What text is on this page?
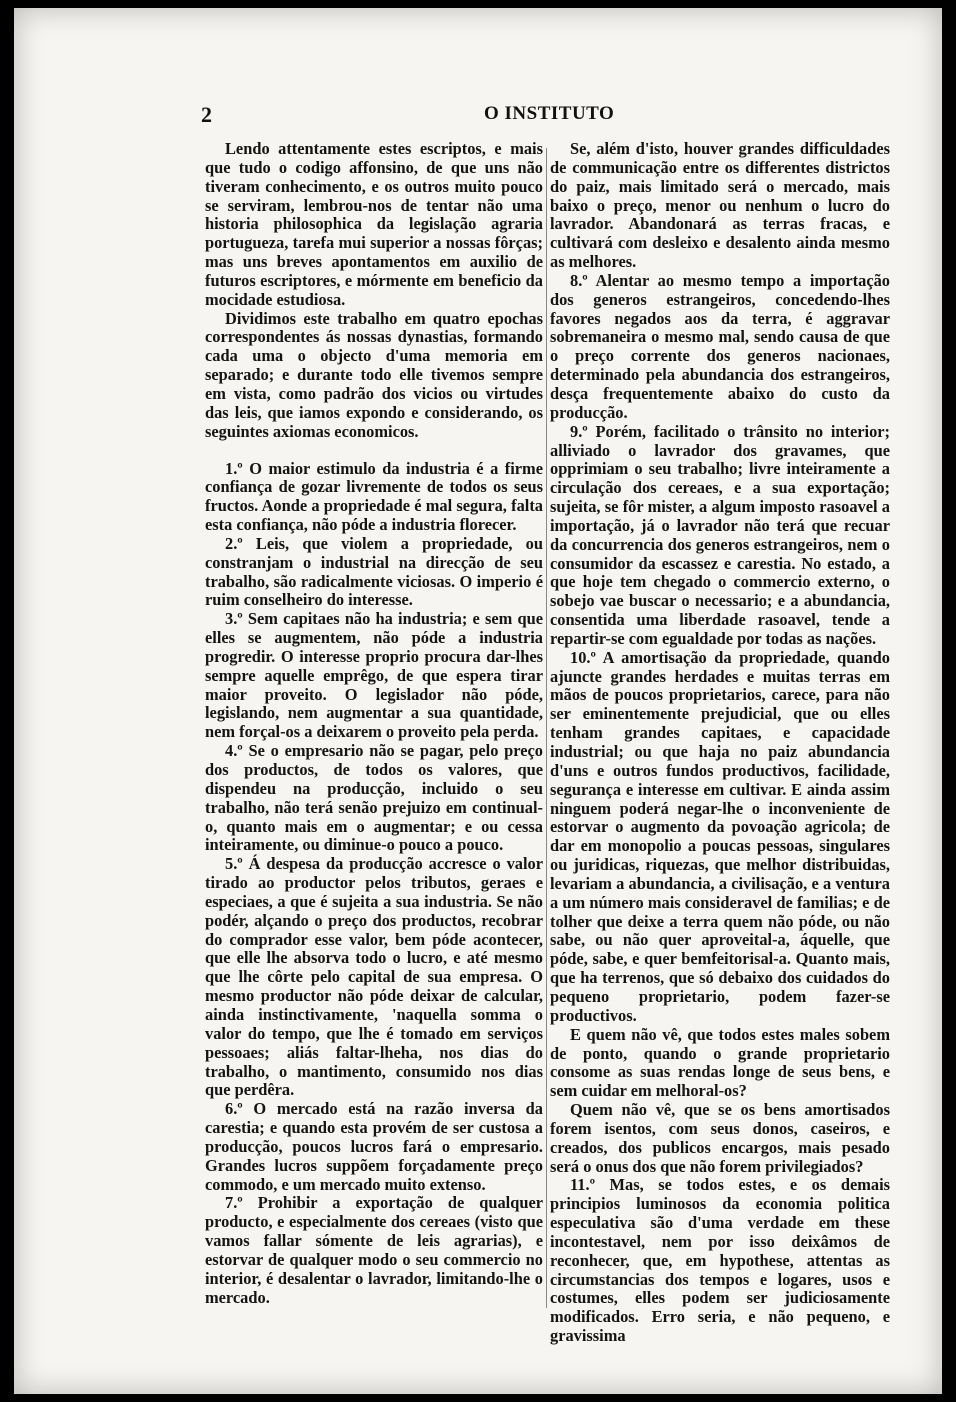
2	O INSTITUTO

Lendo attentamente estes escriptos, e mais que tudo o codigo affonsino, de que uns não tiveram conhecimento, e os outros muito pouco se serviram, lembrou-nos de tentar não uma historia philosophica da legislação agraria portugueza, tarefa mui superior a nossas fôrças; mas uns breves apontamentos em auxilio de futuros escriptores, e mórmente em beneficio da mocidade estudiosa.

Dividimos este trabalho em quatro epochas correspondentes ás nossas dynastias, formando cada uma o objecto d'uma memoria em separado; e durante todo elle tivemos sempre em vista, como padrão dos vicios ou virtudes das leis, que iamos expondo e considerando, os seguintes axiomas economicos.

1.º O maior estimulo da industria é a firme confiança de gozar livremente de todos os seus fructos. Aonde a propriedade é mal segura, falta esta confiança, não póde a industria florecer.

2.º Leis, que violem a propriedade, ou constranjam o industrial na direcção de seu trabalho, são radicalmente viciosas. O imperio é ruim conselheiro do interesse.

3.º Sem capitaes não ha industria; e sem que elles se augmentem, não póde a industria progredir. O interesse proprio procura dar-lhes sempre aquelle emprêgo, de que espera tirar maior proveito. O legislador não póde, legislando, nem augmentar a sua quantidade, nem forçal-os a deixarem o proveito pela perda.

4.º Se o empresario não se pagar, pelo preço dos productos, de todos os valores, que dispendeu na producção, incluido o seu trabalho, não terá senão prejuizo em continual-o, quanto mais em o augmentar; e ou cessa inteiramente, ou diminue-o pouco a pouco.

5.º Á despesa da producção accresce o valor tirado ao productor pelos tributos, geraes e especiaes, a que é sujeita a sua industria. Se não podér, alçando o preço dos productos, recobrar do comprador esse valor, bem póde acontecer, que elle lhe absorva todo o lucro, e até mesmo que lhe côrte pelo capital de sua empresa. O mesmo productor não póde deixar de calcular, ainda instinctivamente, 'naquella somma o valor do tempo, que lhe é tomado em serviços pessoaes; aliás faltar-lheha, nos dias do trabalho, o mantimento, consumido nos dias que perdêra.

6.º O mercado está na razão inversa da carestia; e quando esta provém de ser custosa a producção, poucos lucros fará o empresario. Grandes lucros suppõem forçadamente preço commodo, e um mercado muito extenso.

7.º Prohibir a exportação de qualquer producto, e especialmente dos cereaes (visto que vamos fallar sómente de leis agrarias), e estorvar de qualquer modo o seu commercio no interior, é desalentar o lavrador, limitando-lhe o mercado.

Se, além d'isto, houver grandes difficuldades de communicação entre os differentes districtos do paiz, mais limitado será o mercado, mais baixo o preço, menor ou nenhum o lucro do lavrador. Abandonará as terras fracas, e cultivará com desleixo e desalento ainda mesmo as melhores.

8.º Alentar ao mesmo tempo a importação dos generos estrangeiros, concedendo-lhes favores negados aos da terra, é aggravar sobremaneira o mesmo mal, sendo causa de que o preço corrente dos generos nacionaes, determinado pela abundancia dos estrangeiros, desça frequentemente abaixo do custo da producção.

9.º Porém, facilitado o trânsito no interior; alliviado o lavrador dos gravames, que opprimiam o seu trabalho; livre inteiramente a circulação dos cereaes, e a sua exportação; sujeita, se fôr mister, a algum imposto rasoavel a importação, já o lavrador não terá que recuar da concurrencia dos generos estrangeiros, nem o consumidor da escassez e carestia. No estado, a que hoje tem chegado o commercio externo, o sobejo vae buscar o necessario; e a abundancia, consentida uma liberdade rasoavel, tende a repartir-se com egualdade por todas as nações.

10.º A amortisação da propriedade, quando ajuncte grandes herdades e muitas terras em mãos de poucos proprietarios, carece, para não ser eminentemente prejudicial, que ou elles tenham grandes capitaes, e capacidade industrial; ou que haja no paiz abundancia d'uns e outros fundos productivos, facilidade, segurança e interesse em cultivar. E ainda assim ninguem poderá negar-lhe o inconveniente de estorvar o augmento da povoação agricola; de dar em monopolio a poucas pessoas, singulares ou juridicas, riquezas, que melhor distribuidas, levariam a abundancia, a civilisação, e a ventura a um número mais consideravel de familias; e de tolher que deixe a terra quem não póde, ou não sabe, ou não quer aproveital-a, áquelle, que póde, sabe, e quer bemfeitorisal-a. Quanto mais, que ha terrenos, que só debaixo dos cuidados do pequeno proprietario, podem fazer-se productivos.

E quem não vê, que todos estes males sobem de ponto, quando o grande proprietario consome as suas rendas longe de seus bens, e sem cuidar em melhoral-os?

Quem não vê, que se os bens amortisados forem isentos, com seus donos, caseiros, e creados, dos publicos encargos, mais pesado será o onus dos que não forem privilegiados?

11.º Mas, se todos estes, e os demais principios luminosos da economia politica especulativa são d'uma verdade em these incontestavel, nem por isso deixâmos de reconhecer, que, em hypothese, attentas as circumstancias dos tempos e logares, usos e costumes, elles podem ser judiciosamente modificados. Erro seria, e não pequeno, e gravissima
